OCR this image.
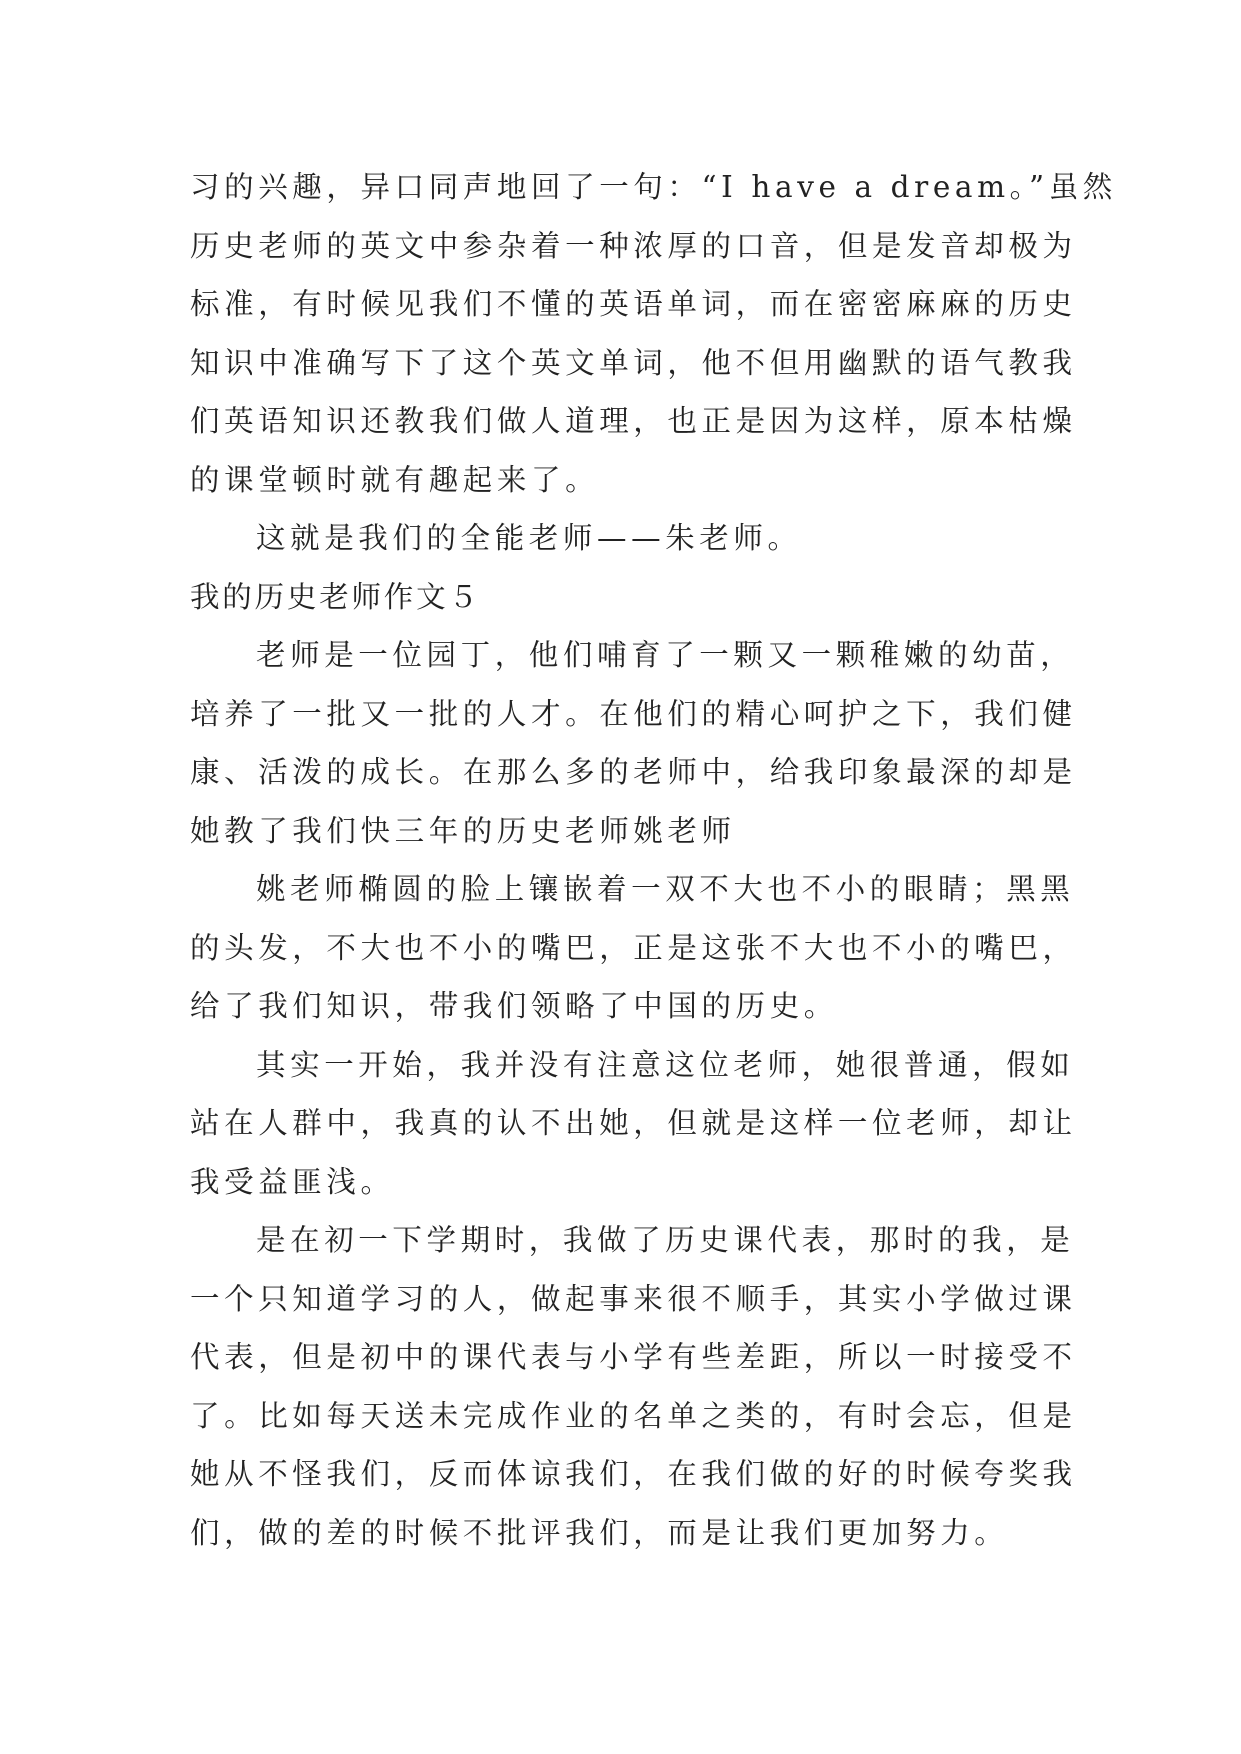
习的兴趣，异口同声地回了一句：“I have a dream。”虽然
历史老师的英文中参杂着一种浓厚的口音，但是发音却极为
标准，有时候见我们不懂的英语单词，而在密密麻麻的历史
知识中准确写下了这个英文单词，他不但用幽默的语气教我
们英语知识还教我们做人道理，也正是因为这样，原本枯燥
的课堂顿时就有趣起来了。
这就是我们的全能老师——朱老师。
我的历史老师作文５
老师是一位园丁，他们哺育了一颗又一颗稚嫩的幼苗，
培养了一批又一批的人才。在他们的精心呵护之下，我们健
康、活泼的成长。在那么多的老师中，给我印象最深的却是
她教了我们快三年的历史老师姚老师
姚老师椭圆的脸上镶嵌着一双不大也不小的眼睛；黑黑
的头发，不大也不小的嘴巴，正是这张不大也不小的嘴巴，
给了我们知识，带我们领略了中国的历史。
其实一开始，我并没有注意这位老师，她很普通，假如
站在人群中，我真的认不出她，但就是这样一位老师，却让
我受益匪浅。
是在初一下学期时，我做了历史课代表，那时的我，是
一个只知道学习的人，做起事来很不顺手，其实小学做过课
代表，但是初中的课代表与小学有些差距，所以一时接受不
了。比如每天送未完成作业的名单之类的，有时会忘，但是
她从不怪我们，反而体谅我们，在我们做的好的时候夸奖我
们，做的差的时候不批评我们，而是让我们更加努力。
